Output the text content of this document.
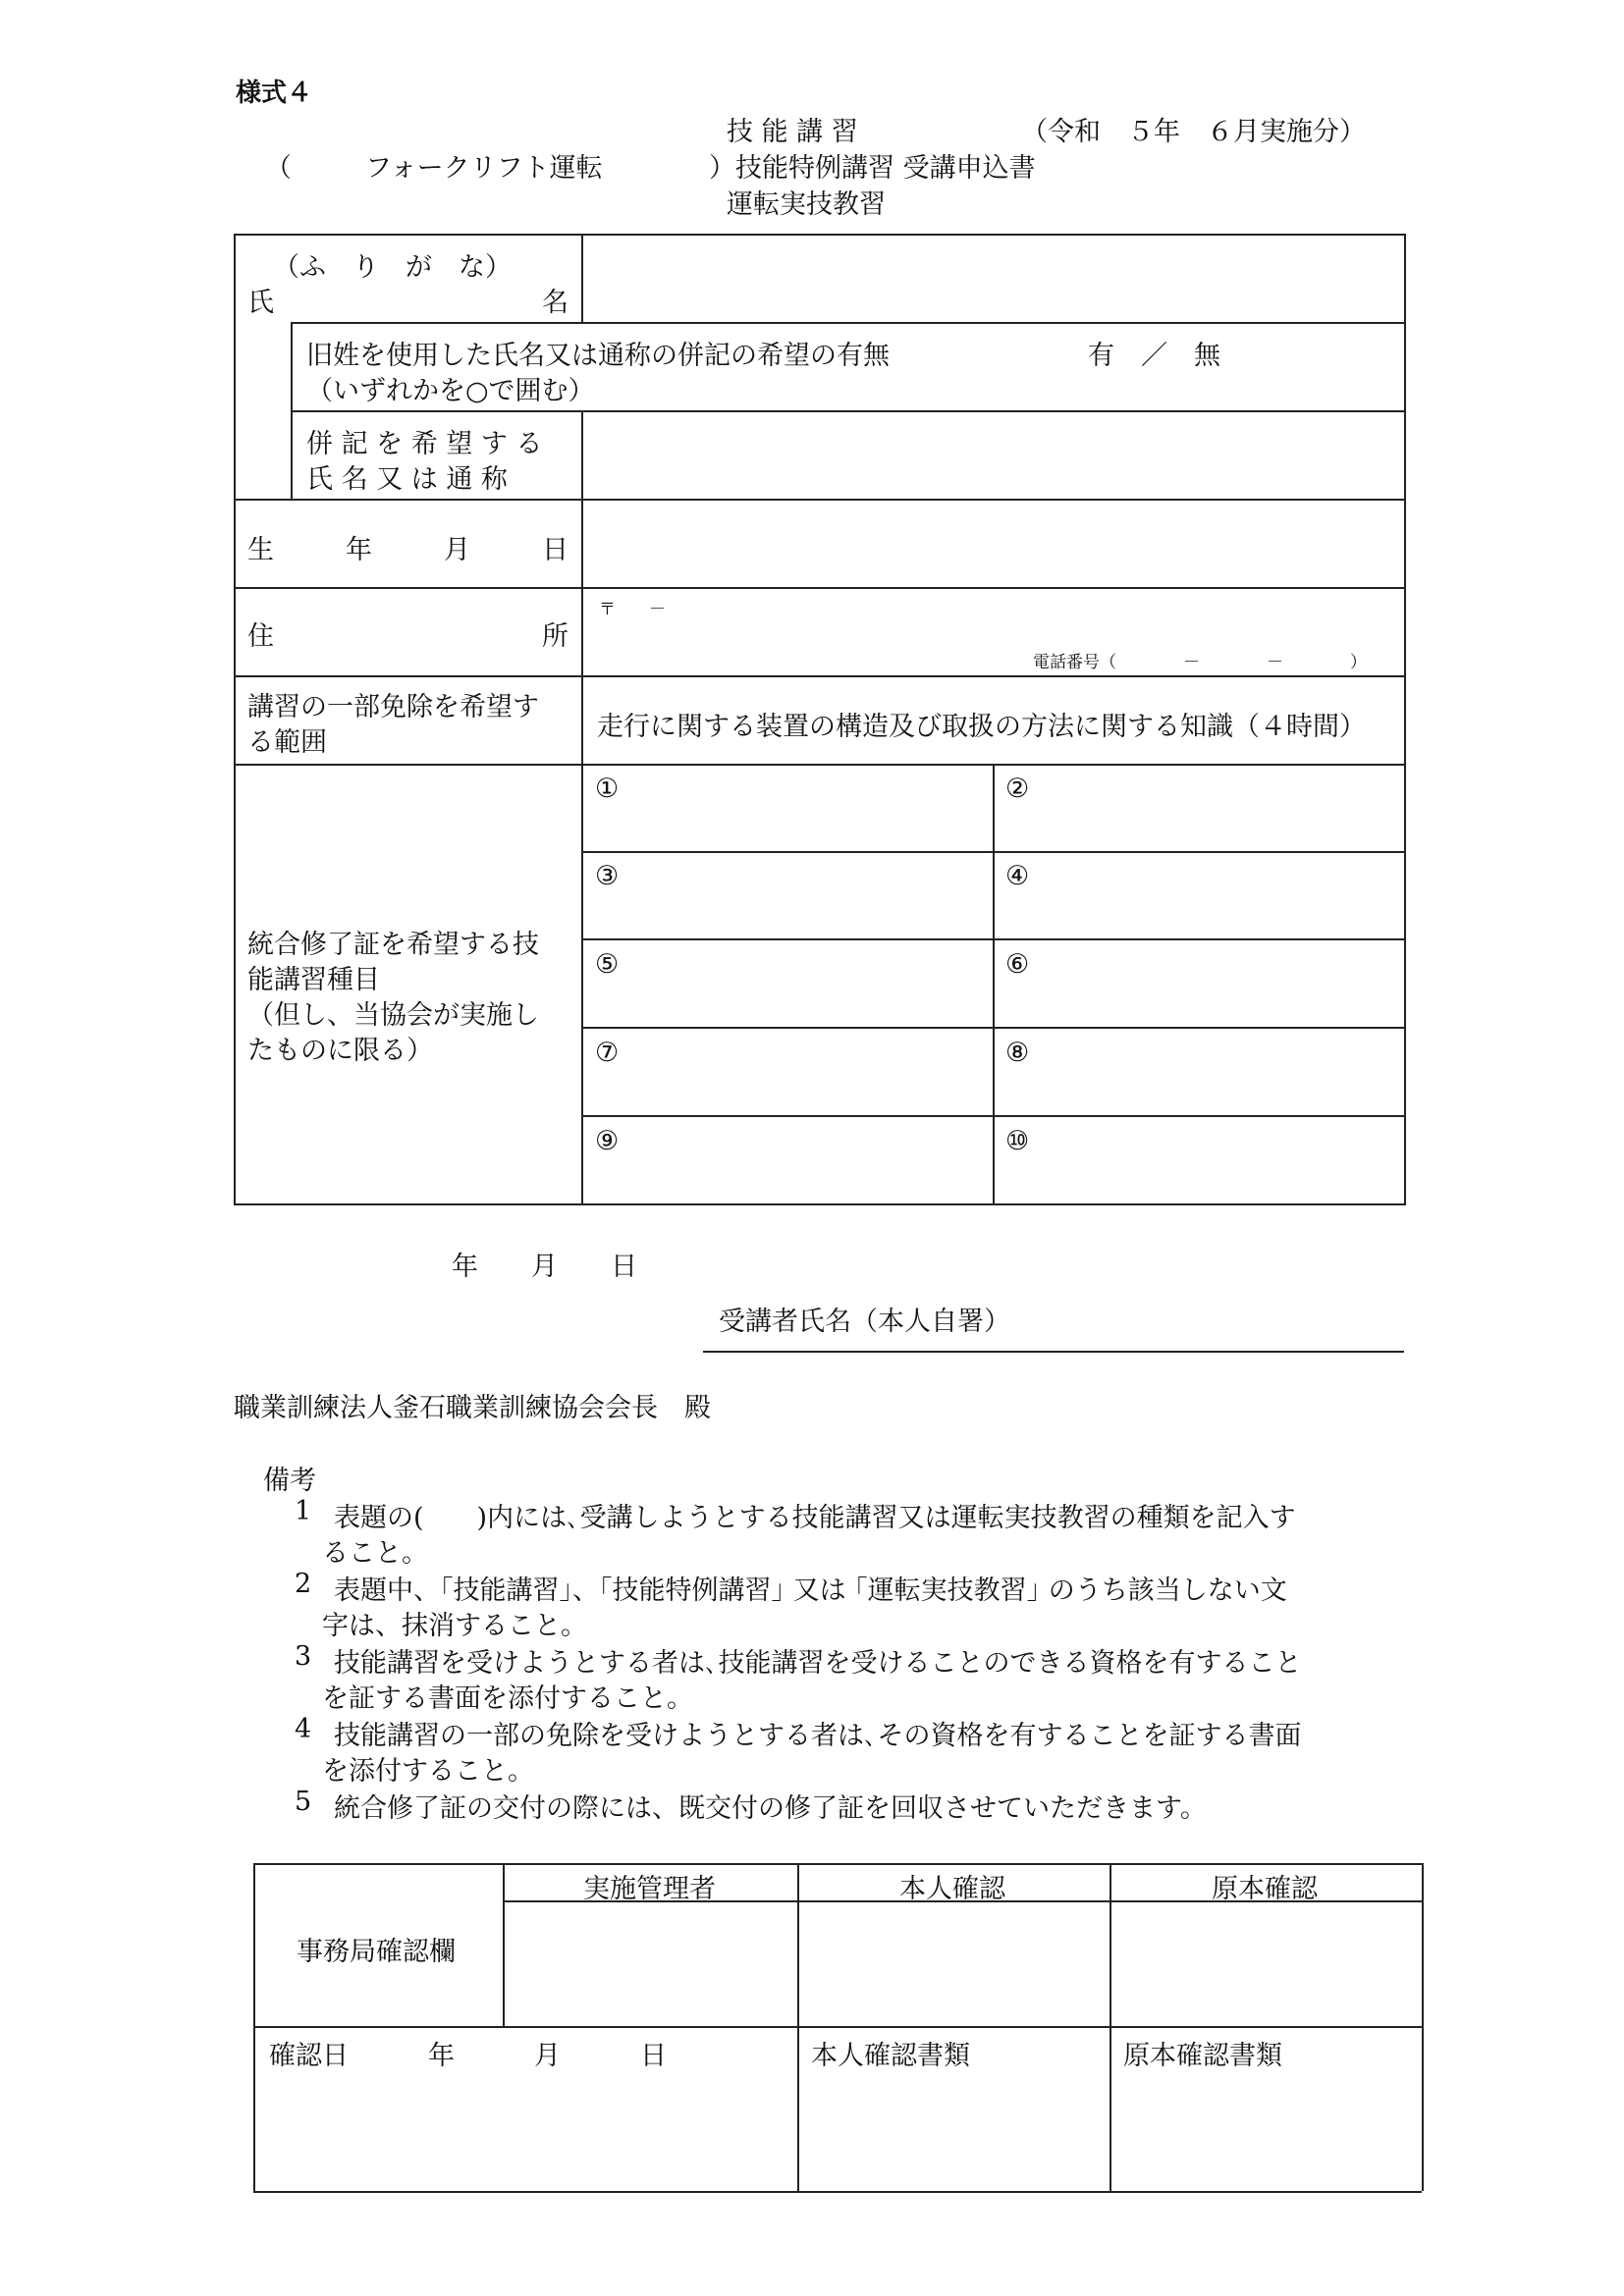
様式４
技 能 講 習	（令和　５年　６月実施分）
（	フォークリフト運転	）技能特例講習 受講申込書
運転実技教習
（ふ　り　が　な）
氏	名
旧姓を使用した氏名又は通称の併記の希望の有無	有　／　無
（いずれかを○で囲む）
併 記 を 希 望 す る
氏 名 又 は 通 称
生	年	月	日
住	所
〒　　－
電話番号（　　　　－　　　　－　　　　）
講習の一部免除を希望す
る範囲
走行に関する装置の構造及び取扱の方法に関する知識（４時間）
統合修了証を希望する技
能講習種目
（但し、当協会が実施し
たものに限る）
①	②
③	④
⑤	⑥
⑦	⑧
⑨	⑩
年　　月　　日
受講者氏名（本人自署）
職業訓練法人釜石職業訓練協会会長　殿
備考
1 表題の(　　)内には､受講しようとする技能講習又は運転実技教習の種類を記入す
ること。
2 表題中、｢技能講習｣、｢技能特例講習｣ 又は ｢運転実技教習｣ のうち該当しない文
字は、抹消すること。
3 技能講習を受けようとする者は､技能講習を受けることのできる資格を有すること
を証する書面を添付すること。
4 技能講習の一部の免除を受けようとする者は､その資格を有することを証する書面
を添付すること。
5 統合修了証の交付の際には、既交付の修了証を回収させていただきます。
事務局確認欄
実施管理者	本人確認	原本確認
確認日　　　年　　　月　　　日	本人確認書類	原本確認書類
